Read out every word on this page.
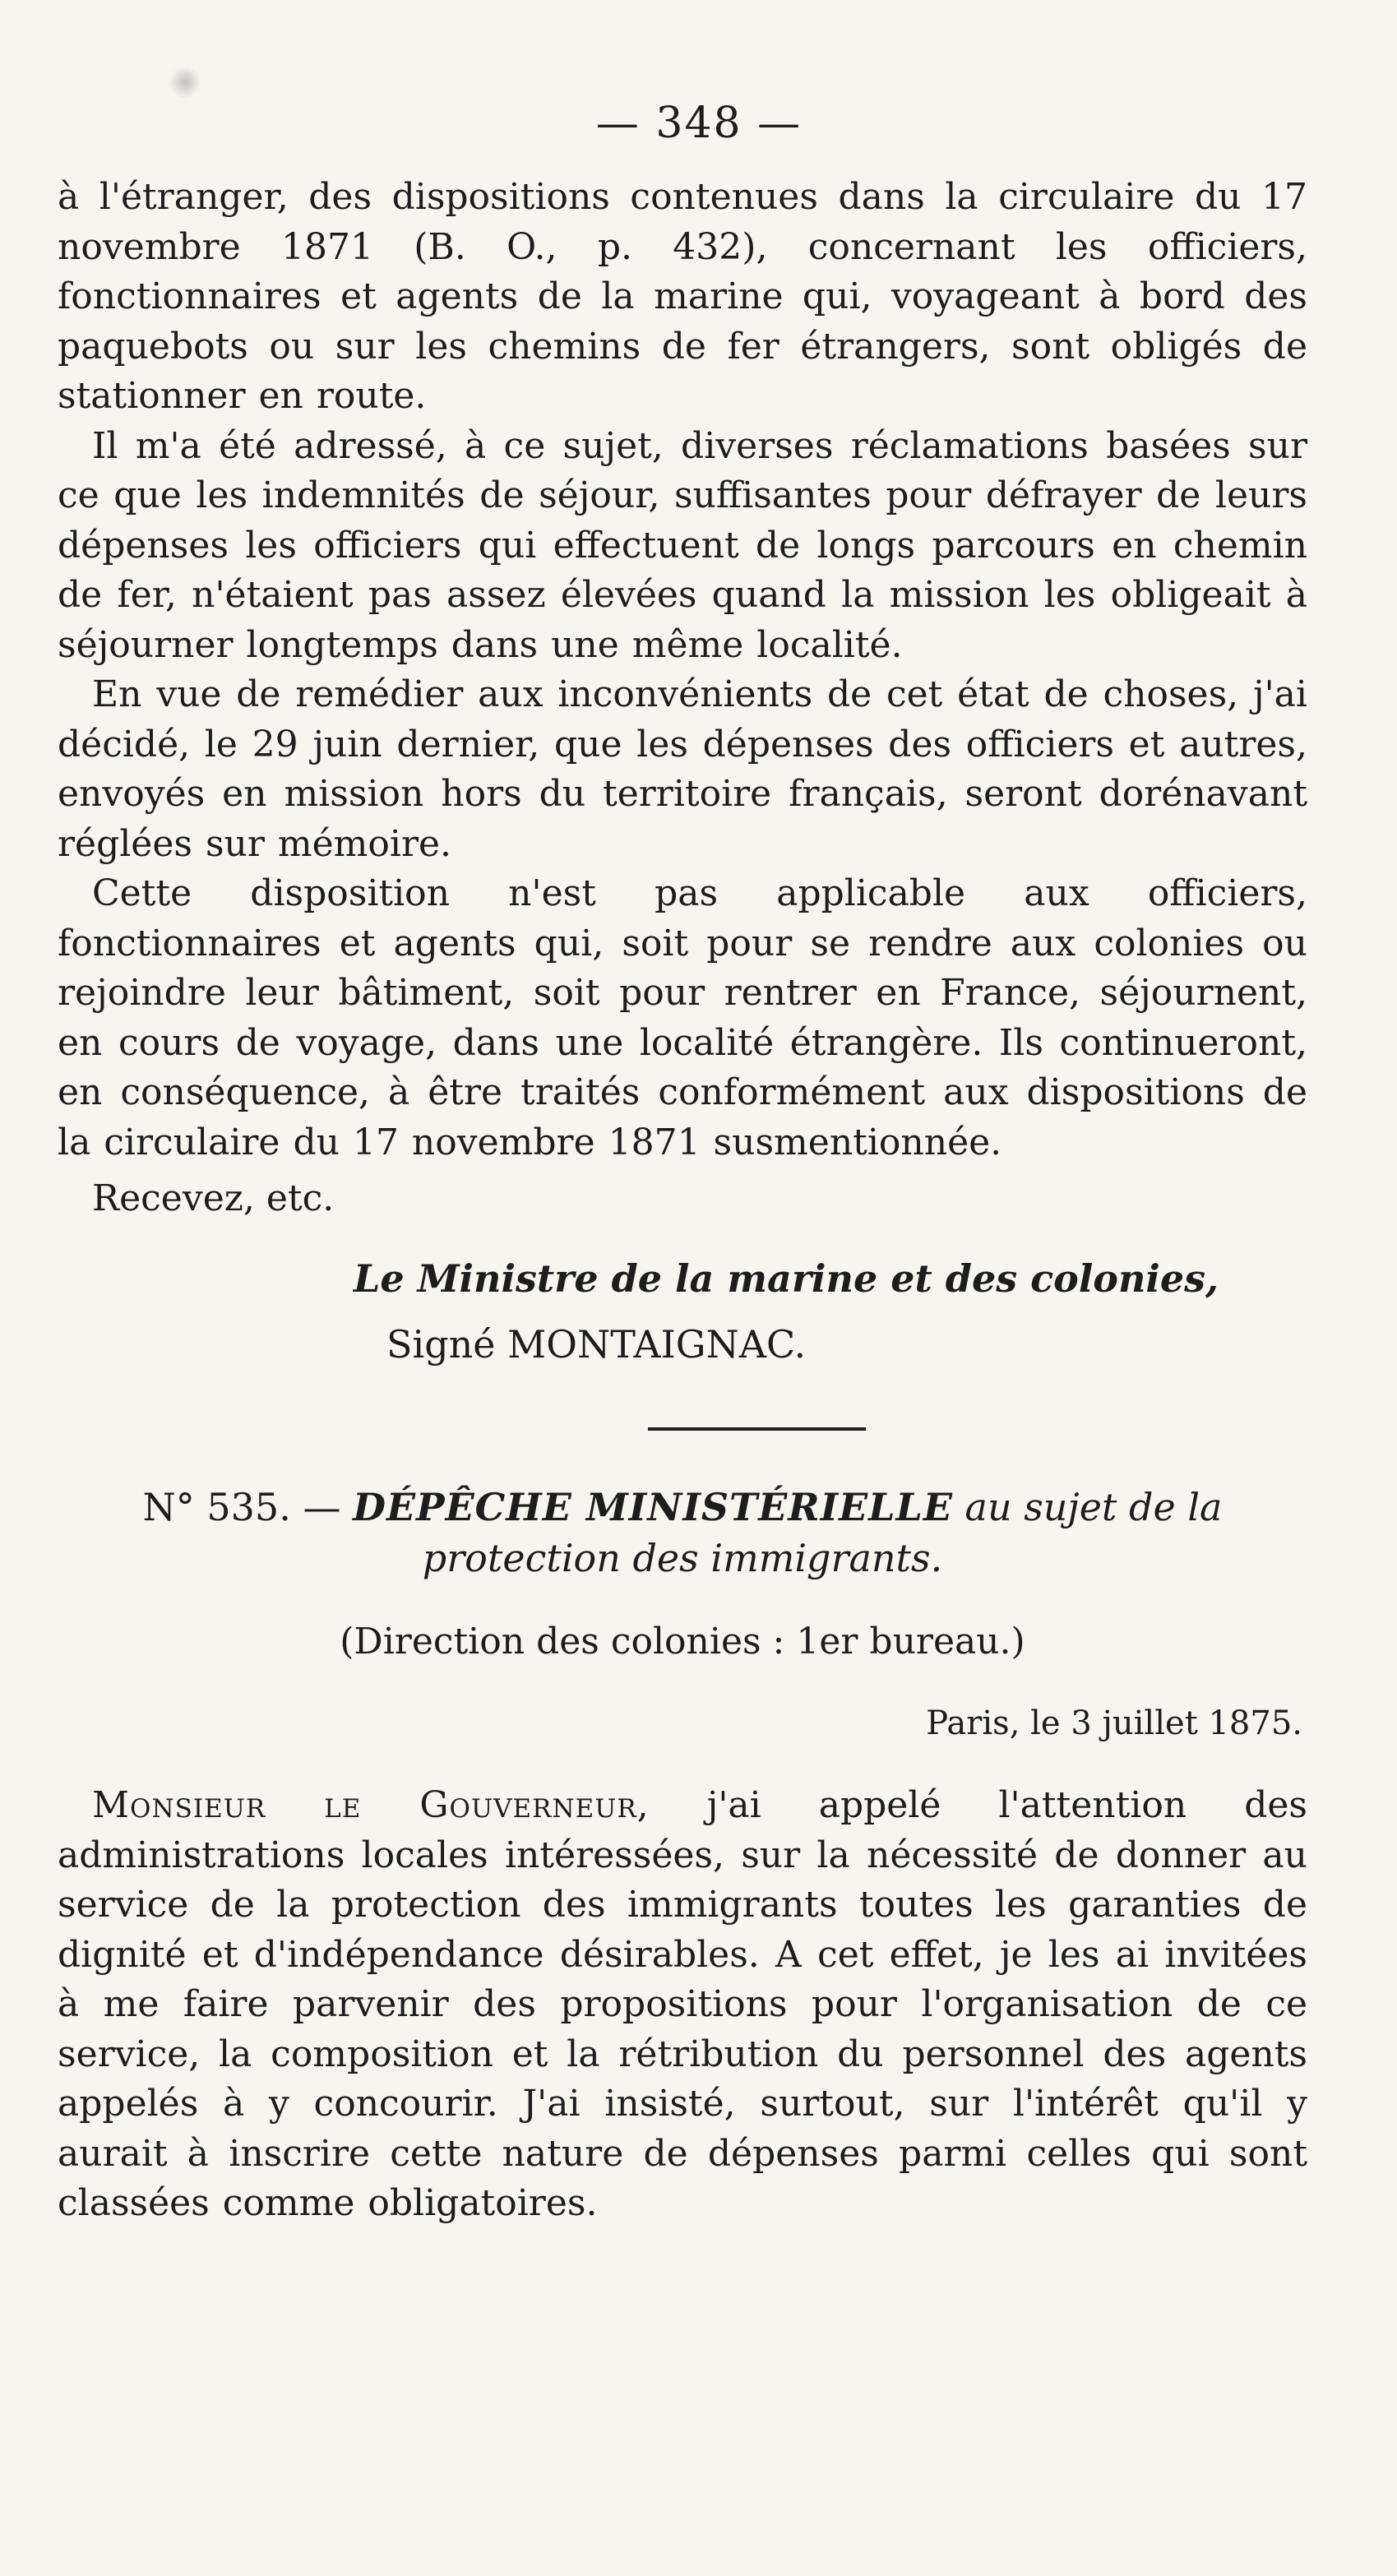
— 348 —

à l'étranger, des dispositions contenues dans la circulaire du 17 novembre 1871 (B. O., p. 432), concernant les officiers, fonctionnaires et agents de la marine qui, voyageant à bord des paquebots ou sur les chemins de fer étrangers, sont obligés de stationner en route.

Il m'a été adressé, à ce sujet, diverses réclamations basées sur ce que les indemnités de séjour, suffisantes pour défrayer de leurs dépenses les officiers qui effectuent de longs parcours en chemin de fer, n'étaient pas assez élevées quand la mission les obligeait à séjourner longtemps dans une même localité.

En vue de remédier aux inconvénients de cet état de choses, j'ai décidé, le 29 juin dernier, que les dépenses des officiers et autres, envoyés en mission hors du territoire français, seront dorénavant réglées sur mémoire.

Cette disposition n'est pas applicable aux officiers, fonctionnaires et agents qui, soit pour se rendre aux colonies ou rejoindre leur bâtiment, soit pour rentrer en France, séjournent, en cours de voyage, dans une localité étrangère. Ils continueront, en conséquence, à être traités conformément aux dispositions de la circulaire du 17 novembre 1871 susmentionnée.

Recevez, etc.

Le Ministre de la marine et des colonies,

Signé MONTAIGNAC.

N° 535. — DÉPÊCHE MINISTÉRIELLE au sujet de la
protection des immigrants.
(Direction des colonies : 1er bureau.)
Paris, le 3 juillet 1875.

Monsieur le Gouverneur, j'ai appelé l'attention des administrations locales intéressées, sur la nécessité de donner au service de la protection des immigrants toutes les garanties de dignité et d'indépendance désirables. A cet effet, je les ai invitées à me faire parvenir des propositions pour l'organisation de ce service, la composition et la rétribution du personnel des agents appelés à y concourir. J'ai insisté, surtout, sur l'intérêt qu'il y aurait à inscrire cette nature de dépenses parmi celles qui sont classées comme obligatoires.
